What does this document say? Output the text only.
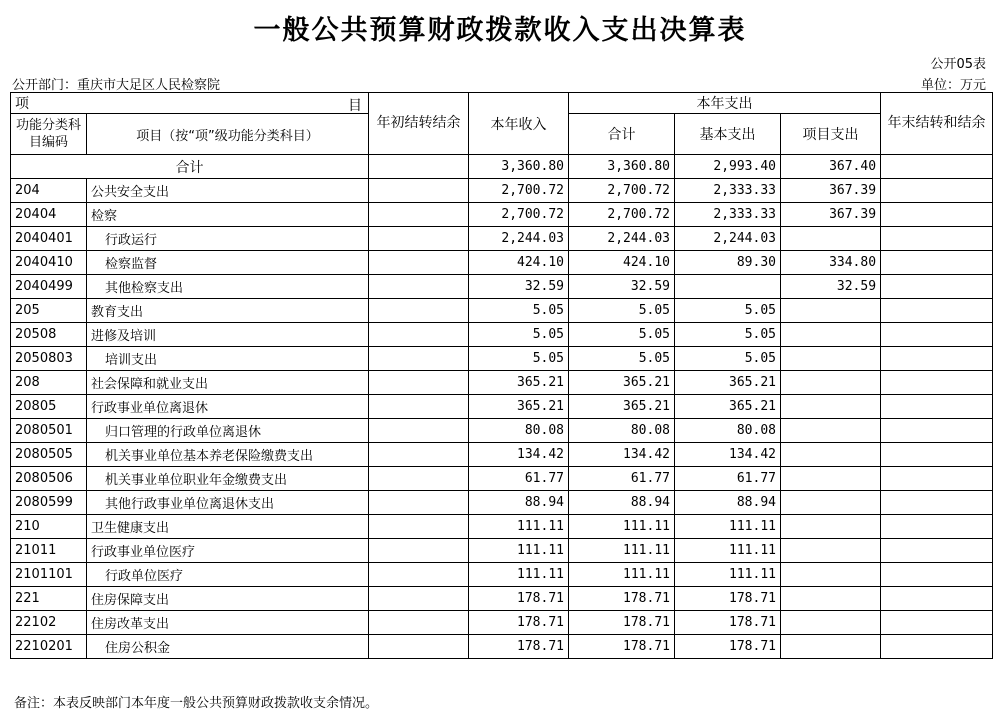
一般公共预算财政拨款收入支出决算表
公开05表
公开部门：重庆市大足区人民检察院	单位：万元
项 目		年初结转结余	本年收入	本年支出			年末结转和结余
功能分类科目编码	项目（按“项”级功能分类科目）			合计	基本支出	项目支出	
合计			3,360.80	3,360.80	2,993.40	367.40	
204	公共安全支出		2,700.72	2,700.72	2,333.33	367.39	
20404	检察		2,700.72	2,700.72	2,333.33	367.39	
2040401	行政运行		2,244.03	2,244.03	2,244.03		
2040410	检察监督		424.10	424.10	89.30	334.80	
2040499	其他检察支出		32.59	32.59		32.59	
205	教育支出		5.05	5.05	5.05		
20508	进修及培训		5.05	5.05	5.05		
2050803	培训支出		5.05	5.05	5.05		
208	社会保障和就业支出		365.21	365.21	365.21		
20805	行政事业单位离退休		365.21	365.21	365.21		
2080501	归口管理的行政单位离退休		80.08	80.08	80.08		
2080505	机关事业单位基本养老保险缴费支出		134.42	134.42	134.42		
2080506	机关事业单位职业年金缴费支出		61.77	61.77	61.77		
2080599	其他行政事业单位离退休支出		88.94	88.94	88.94		
210	卫生健康支出		111.11	111.11	111.11		
21011	行政事业单位医疗		111.11	111.11	111.11		
2101101	行政单位医疗		111.11	111.11	111.11		
221	住房保障支出		178.71	178.71	178.71		
22102	住房改革支出		178.71	178.71	178.71		
2210201	住房公积金		178.71	178.71	178.71		
备注：本表反映部门本年度一般公共预算财政拨款收支余情况。
